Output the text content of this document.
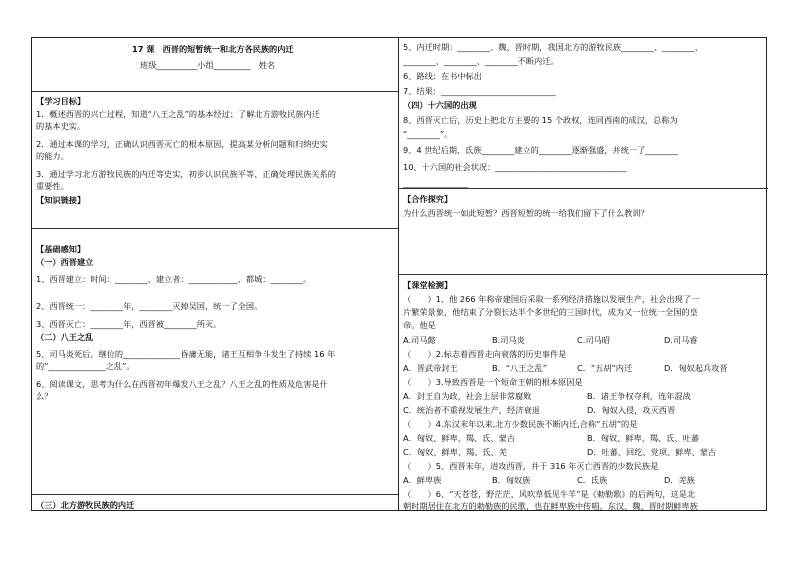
17 课　西晋的短暂统一和北方各民族的内迁
班级__________小组_________　姓名
【学习目标】
1．概述西晋的兴亡过程，知道“八王之乱”的基本经过；了解北方游牧民族内迁
的基本史实。
2．通过本课的学习，正确认识西晋灭亡的根本原因，提高某分析问题和归纳史实
的能力。
3．通过学习北方游牧民族的内迁等史实，初步认识民族平等、正确处理民族关系的
重要性。
【知识链接】
【基础感知】
（一）西晋建立
1、西晋建立：时间：________、建立者：____________、都城：________。
2、西晋统一：________年，________灭掉吴国，统一了全国。
3、西晋灭亡：________年，西晋被________所灭。
（二）八王之乱
5、司马炎死后，继位的______________昏庸无能，诸王互相争斗发生了持续 16 年
的“______________之乱”。
6、阅读课文，思考为什么在西晋初年爆发八王之乱？八王之乱的性质及危害是什
么？
（三）北方游牧民族的内迁
5、内迁时期：________、魏、晋时期，我国北方的游牧民族________、________、
________、________、________不断内迁。
6、路线：在书中标出
7、结果：____________________________
（四）十六国的出现
8、西晋灭亡后，历史上把北方主要的 15 个政权，连同西南的成汉，总称为
“________”。
9、4 世纪后期，氐族________建立的________逐渐强盛，并统一了________
10、十六国的社会状况：________________________________
________________
【合作探究】
为什么西晋统一如此短暂？西晋短暂的统一给我们留下了什么教训？
【课堂检测】
（　　）1、他 266 年称帝建国后采取一系列经济措施以发展生产，社会出现了一
片繁荣景象，他结束了分裂长达半个多世纪的三国时代，成为又一位统一全国的皇
帝。他是
A.司马懿	B.司马炎	C.司马昭	D.司马睿
（　　）2.标志着西晋走向衰落的历史事件是
A．晋武帝封王	B．“八王之乱”	C．“五胡”内迁	D．匈奴起兵攻晋
（　　）3.导致西晋是一个短命王朝的根本原因是
A．封王自为政，社会上层非常腐败	B．诸王争权夺利，连年混战
C．统治者不重视发展生产，经济衰退	D．匈奴入侵，攻灭西晋
（　　）4.东汉末年以来,北方少数民族不断内迁,合称“五胡”的是
A．匈奴、鲜卑、羯、氐、蒙古	B．匈奴、鲜卑、羯、氐、吐蕃
C．匈奴、鲜卑、羯、氐、羌	D．吐蕃、回纥、党项、鲜卑、蒙古
（　　）5、西晋末年，进攻西晋，并于 316 年灭亡西晋的少数民族是
A．鲜卑族	B．匈奴族	C．氐族	D．羌族
（　　）6、“天苍苍，野茫茫，风吹草低见牛羊”是《勅勒歌》的后两句，这是北
朝时期居住在北方的勅勒族的民歌，也在鲜卑族中传唱。东汉、魏、晋时期鲜卑族
